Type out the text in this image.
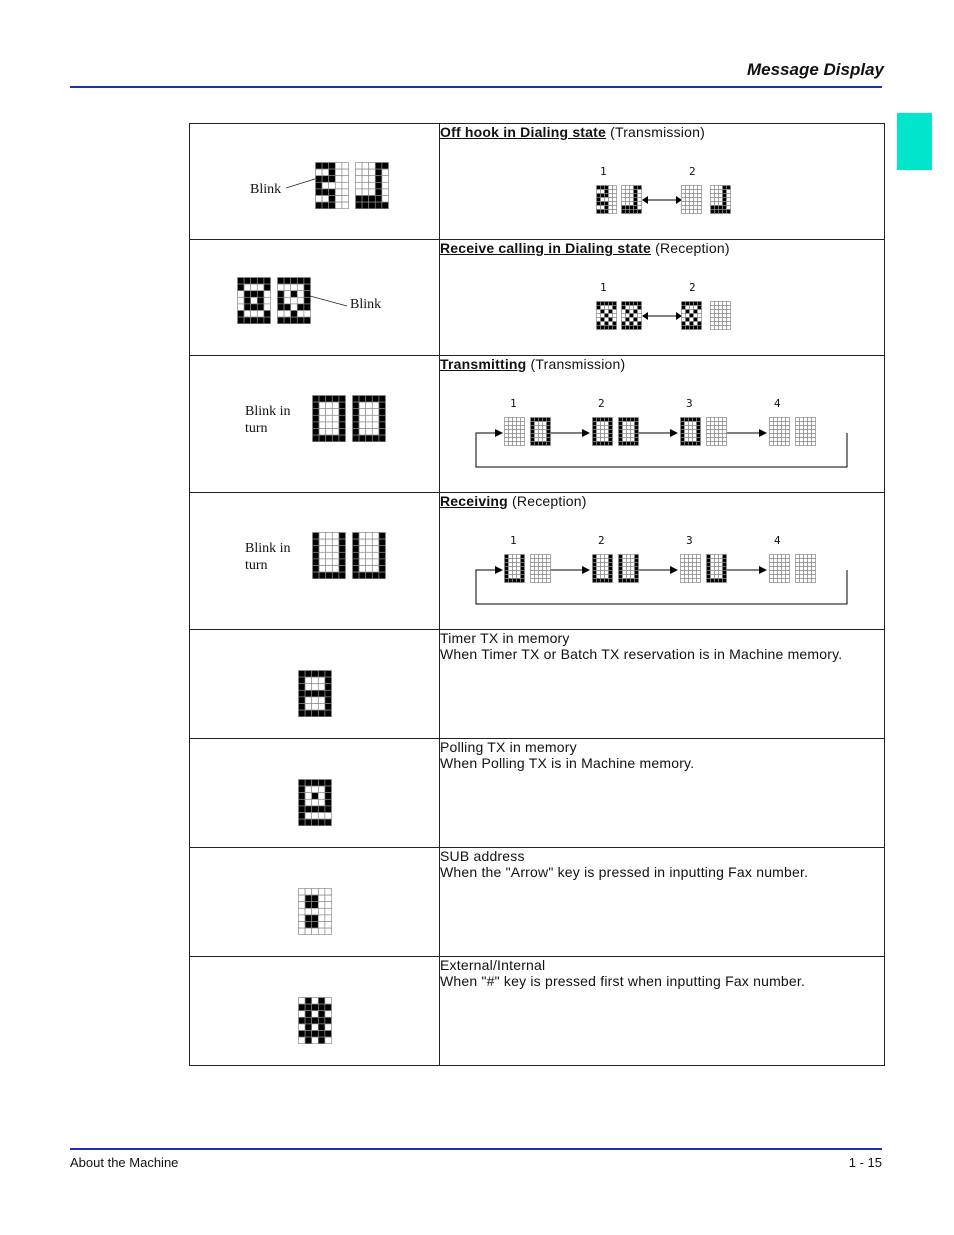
Message Display
Blink	Off hook in Dialing state (Transmission)
1 2

Blink	Receive calling in Dialing state (Reception)
1 2

Blink in
turn	Transmitting (Transmission)
1 2 3 4

Blink in
turn	Receiving (Reception)
1 2 3 4

Timer TX in memory
When Timer TX or Batch TX reservation is in Machine memory.

Polling TX in memory
When Polling TX is in Machine memory.

SUB address
When the "Arrow" key is pressed in inputting Fax number.

External/Internal
When "#" key is pressed first when inputting Fax number.
About the Machine	1 - 15
